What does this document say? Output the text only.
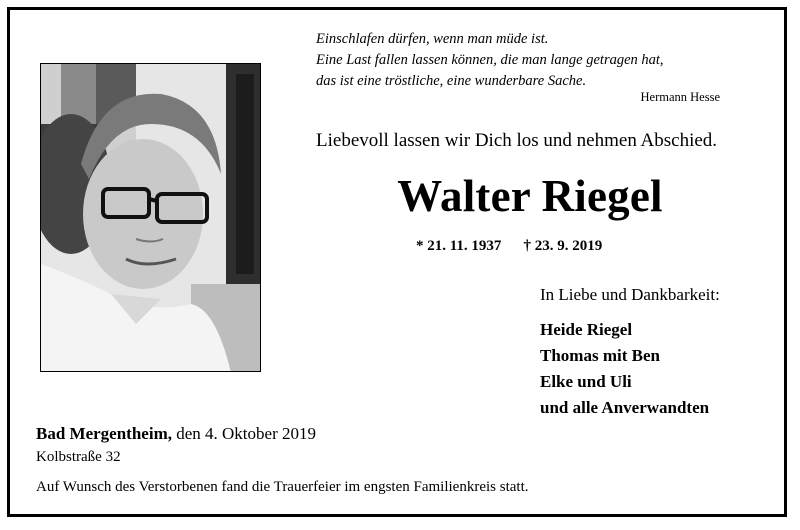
Einschlafen dürfen, wenn man müde ist.
Eine Last fallen lassen können, die man lange getragen hat,
das ist eine tröstliche, eine wunderbare Sache.
Hermann Hesse
Liebevoll lassen wir Dich los und nehmen Abschied.
Walter Riegel
* 21. 11. 1937 † 23. 9. 2019
In Liebe und Dankbarkeit:
Heide Riegel
Thomas mit Ben
Elke und Uli
und alle Anverwandten
Bad Mergentheim, den 4. Oktober 2019
Kolbstraße 32
Auf Wunsch des Verstorbenen fand die Trauerfeier im engsten Familienkreis statt.
